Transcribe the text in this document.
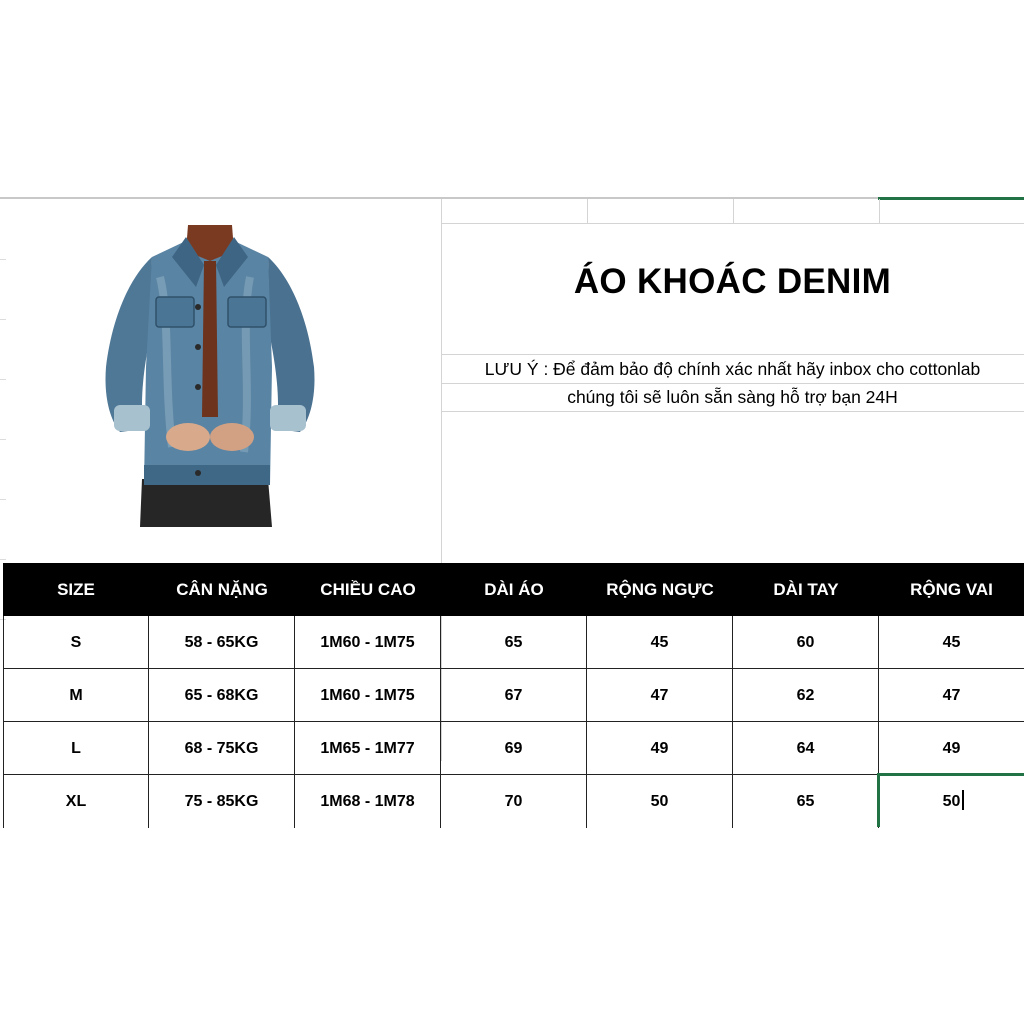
ÁO KHOÁC DENIM
LƯU Ý : Để đảm bảo độ chính xác nhất hãy inbox cho cottonlab
chúng tôi sẽ luôn sẵn sàng hỗ trợ bạn 24H
SIZE	CÂN NẶNG	CHIỀU CAO	DÀI ÁO	RỘNG NGỰC	DÀI TAY	RỘNG VAI
S	58 - 65KG	1M60 - 1M75	65	45	60	45
M	65 - 68KG	1M60 - 1M75	67	47	62	47
L	68 - 75KG	1M65 - 1M77	69	49	64	49
XL	75 - 85KG	1M68 - 1M78	70	50	65	50
